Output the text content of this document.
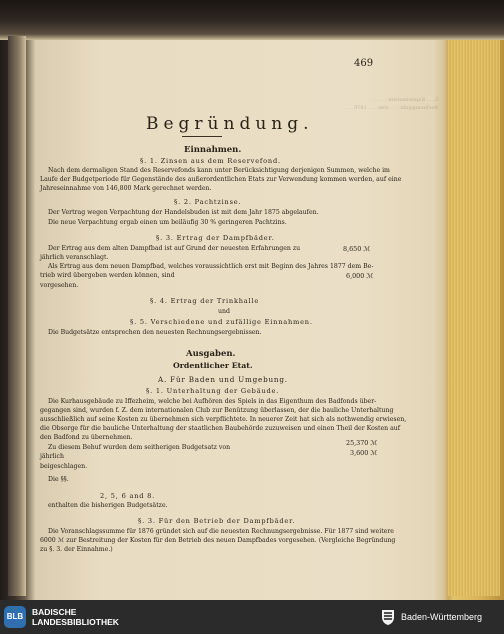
L. . . Kapitelmeister . . . . .
Rechnungsjahr . . . vom . . . 1876 . . .
469
Begründung.
Einnahmen.
§. 1. Zinsen aus dem Reservefond.
Nach dem dermaligen Stand des Reservefonds kann unter Berücksichtigung derjenigen Summen, welche im
Laufe der Budgetperiode für Gegenstände des außerordentlichen Etats zur Verwendung kommen werden, auf eine
Jahreseinnahme von 146,800 Mark gerechnet werden.
§. 2. Pachtzinse.
Der Vertrag wegen Verpachtung der Handelsbuden ist mit dem Jahr 1875 abgelaufen.
Die neue Verpachtung ergab einen um beiläufig 30 % geringeren Pachtzins.
§. 3. Ertrag der Dampfbäder.
Der Ertrag aus dem alten Dampfbad ist auf Grund der neuesten Erfahrungen zu	8,650 ℳ
jährlich veranschlagt.
Als Ertrag aus dem neuen Dampfbad, welches voraussichtlich erst mit Beginn des Jahres 1877 dem Be-
trieb wird übergeben werden können, sind	6,000 ℳ
vorgesehen.
§. 4. Ertrag der Trinkhalle
und
§. 5. Verschiedene und zufällige Einnahmen.
Die Budgetsätze entsprechen den neuesten Rechnungsergebnissen.
Ausgaben.
Ordentlicher Etat.
A. Für Baden und Umgebung.
§. 1. Unterhaltung der Gebäude.
Die Kurhausgebäude zu Iffezheim, welche bei Aufhören des Spiels in das Eigenthum des Badfonds über-
gegangen sind, wurden f. Z. dem internationalen Club zur Benützung überlassen, der die bauliche Unterhaltung
ausschließlich auf seine Kosten zu übernehmen sich verpflichtete. In neuerer Zeit hat sich als nothwendig erwiesen,
die Obsorge für die bauliche Unterhaltung der staatlichen Baubehörde zuzuweisen und einen Theil der Kosten auf
den Badfond zu übernehmen.
Zu diesem Behuf wurden dem seitherigen Budgetsatz von
25,370 ℳ
jährlich	3,600 ℳ
beigeschlagen.
Die §§.
2, 5, 6 and 8.
enthalten die bisherigen Budgetsätze.
§. 3. Für den Betrieb der Dampfbäder.
Die Voranschlagssumme für 1876 gründet sich auf die neuesten Rechnungsergebnisse. Für 1877 sind weitere
6000 ℳ zur Bestreitung der Kosten für den Betrieb des neuen Dampfbades vorgesehen. (Vergleiche Begründung
zu §. 3. der Einnahme.)
BLB	BADISCHE
LANDESBIBLIOTHEK	Baden-Württemberg
